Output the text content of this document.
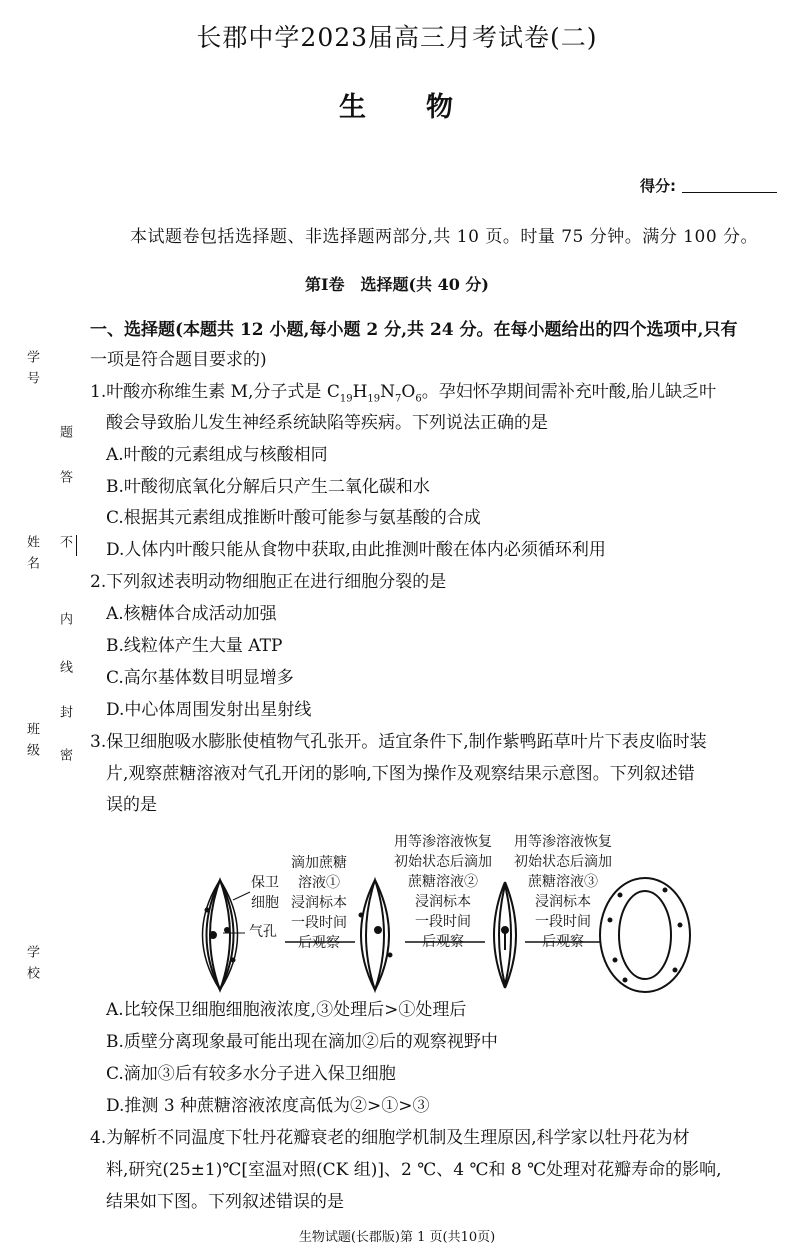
长郡中学2023届高三月考试卷(二)
生　　物
得分:
本试题卷包括选择题、非选择题两部分,共 10 页。时量 75 分钟。满分 100 分。
第Ⅰ卷　选择题(共 40 分)
学号
姓名
班级
学校
题
答
不
内
线
封
密
一、选择题(本题共 12 小题,每小题 2 分,共 24 分。在每小题给出的四个选项中,只有
一项是符合题目要求的)
1.叶酸亦称维生素 M,分子式是 $C_{19}H_{19}N_7O_6$。孕妇怀孕期间需补充叶酸,胎儿缺乏叶
酸会导致胎儿发生神经系统缺陷等疾病。下列说法正确的是
A.叶酸的元素组成与核酸相同
B.叶酸彻底氧化分解后只产生二氧化碳和水
C.根据其元素组成推断叶酸可能参与氨基酸的合成
D.人体内叶酸只能从食物中获取,由此推测叶酸在体内必须循环利用
2.下列叙述表明动物细胞正在进行细胞分裂的是
A.核糖体合成活动加强
B.线粒体产生大量 ATP
C.高尔基体数目明显增多
D.中心体周围发射出星射线
3.保卫细胞吸水膨胀使植物气孔张开。适宜条件下,制作紫鸭跖草叶片下表皮临时装
片,观察蔗糖溶液对气孔开闭的影响,下图为操作及观察结果示意图。下列叙述错
误的是
保卫
细胞
气孔
滴加蔗糖
溶液①
浸润标本
一段时间
后观察
用等渗溶液恢复
初始状态后滴加
蔗糖溶液②
浸润标本
一段时间
后观察
用等渗溶液恢复
初始状态后滴加
蔗糖溶液③
浸润标本
一段时间
后观察
A.比较保卫细胞细胞液浓度,③处理后>①处理后
B.质壁分离现象最可能出现在滴加②后的观察视野中
C.滴加③后有较多水分子进入保卫细胞
D.推测 3 种蔗糖溶液浓度高低为②>①>③
4.为解析不同温度下牡丹花瓣衰老的细胞学机制及生理原因,科学家以牡丹花为材
料,研究(25±1)℃[室温对照(CK 组)]、2 ℃、4 ℃和 8 ℃处理对花瓣寿命的影响,
结果如下图。下列叙述错误的是
生物试题(长郡版)第 1 页(共10页)
